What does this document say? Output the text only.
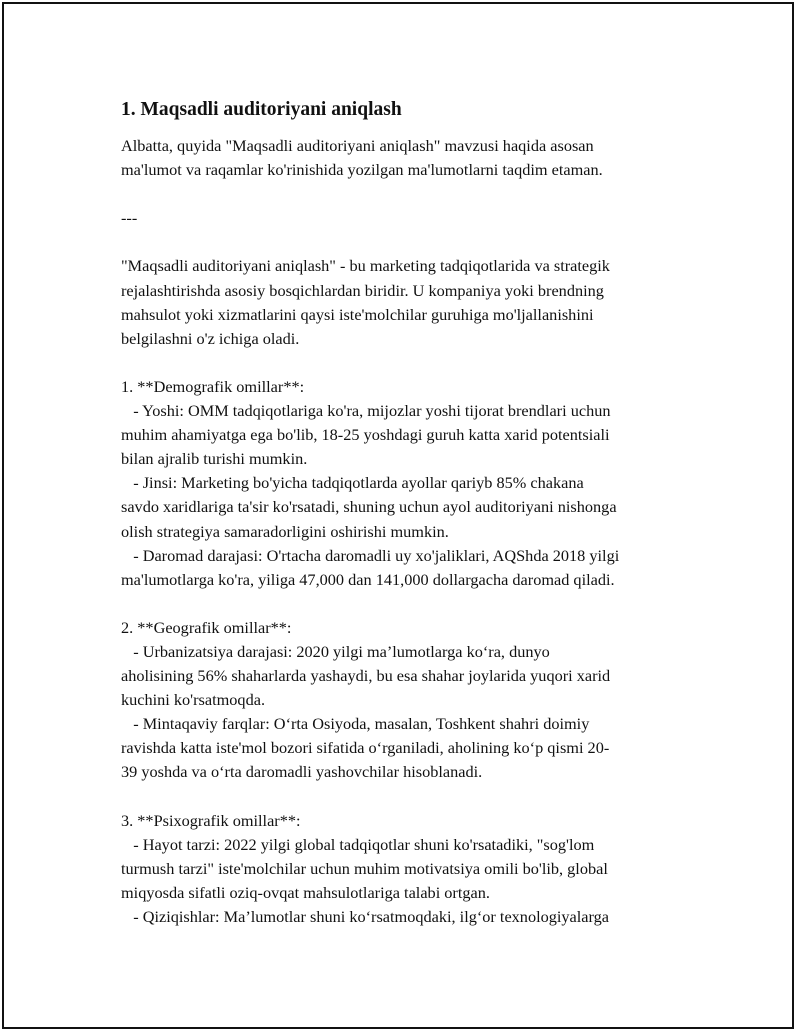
1. Maqsadli auditoriyani aniqlash
Albatta, quyida "Maqsadli auditoriyani aniqlash" mavzusi haqida asosan
ma'lumot va raqamlar ko'rinishida yozilgan ma'lumotlarni taqdim etaman.
---
"Maqsadli auditoriyani aniqlash" - bu marketing tadqiqotlarida va strategik
rejalashtirishda asosiy bosqichlardan biridir. U kompaniya yoki brendning
mahsulot yoki xizmatlarini qaysi iste'molchilar guruhiga mo'ljallanishini
belgilashni o'z ichiga oladi.
1. **Demografik omillar**:
- Yoshi: OMM tadqiqotlariga ko'ra, mijozlar yoshi tijorat brendlari uchun
muhim ahamiyatga ega bo'lib, 18-25 yoshdagi guruh katta xarid potentsiali
bilan ajralib turishi mumkin.
- Jinsi: Marketing bo'yicha tadqiqotlarda ayollar qariyb 85% chakana
savdo xaridlariga ta'sir ko'rsatadi, shuning uchun ayol auditoriyani nishonga
olish strategiya samaradorligini oshirishi mumkin.
- Daromad darajasi: O'rtacha daromadli uy xo'jaliklari, AQShda 2018 yilgi
ma'lumotlarga ko'ra, yiliga 47,000 dan 141,000 dollargacha daromad qiladi.
2. **Geografik omillar**:
- Urbanizatsiya darajasi: 2020 yilgi ma’lumotlarga ko‘ra, dunyo
aholisining 56% shaharlarda yashaydi, bu esa shahar joylarida yuqori xarid
kuchini ko'rsatmoqda.
- Mintaqaviy farqlar: O‘rta Osiyoda, masalan, Toshkent shahri doimiy
ravishda katta iste'mol bozori sifatida o‘rganiladi, aholining ko‘p qismi 20-
39 yoshda va o‘rta daromadli yashovchilar hisoblanadi.
3. **Psixografik omillar**:
- Hayot tarzi: 2022 yilgi global tadqiqotlar shuni ko'rsatadiki, "sog'lom
turmush tarzi" iste'molchilar uchun muhim motivatsiya omili bo'lib, global
miqyosda sifatli oziq-ovqat mahsulotlariga talabi ortgan.
- Qiziqishlar: Ma’lumotlar shuni ko‘rsatmoqdaki, ilg‘or texnologiyalarga
